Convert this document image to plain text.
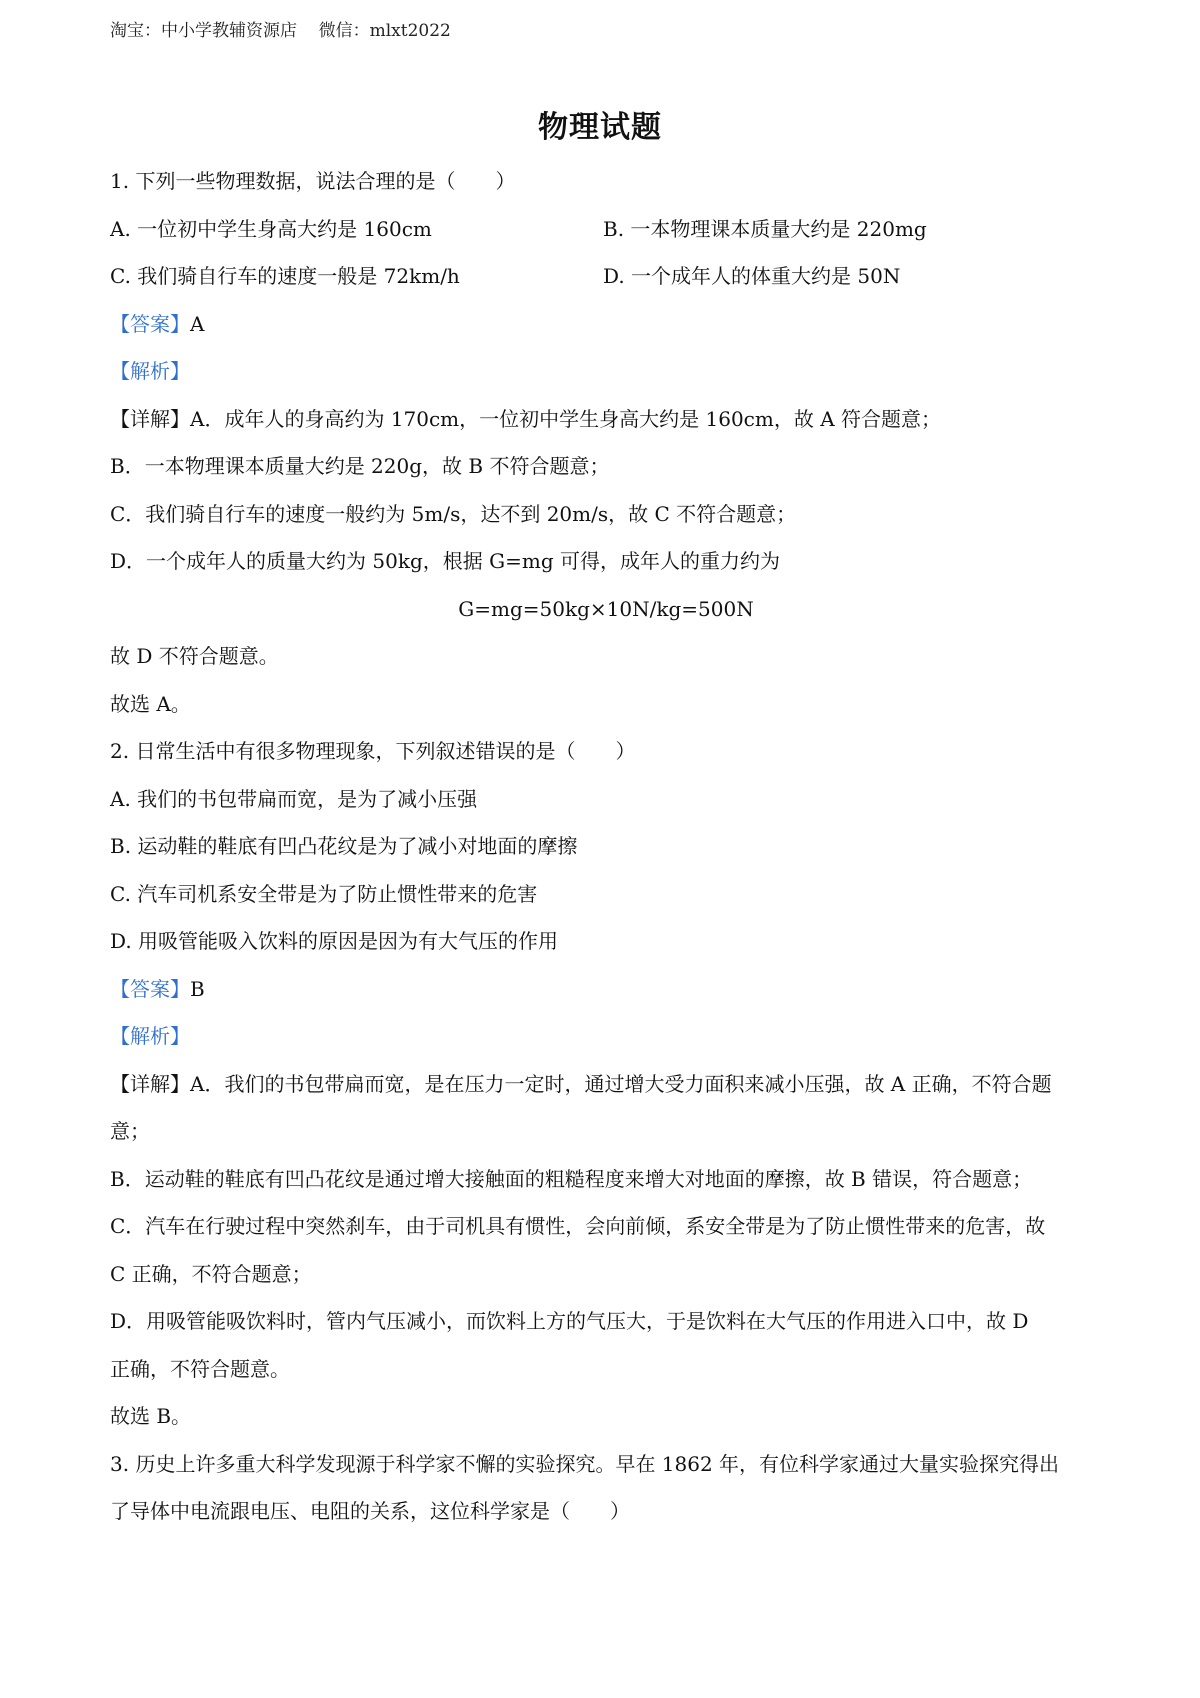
淘宝：中小学教辅资源店    微信：mlxt2022
物理试题
1. 下列一些物理数据，说法合理的是（　　）
A. 一位初中学生身高大约是 160cm	B. 一本物理课本质量大约是 220mg
C. 我们骑自行车的速度一般是 72km/h	D. 一个成年人的体重大约是 50N
【答案】A
【解析】
【详解】A．成年人的身高约为 170cm，一位初中学生身高大约是 160cm，故 A 符合题意；
B．一本物理课本质量大约是 220g，故 B 不符合题意；
C．我们骑自行车的速度一般约为 5m/s，达不到 20m/s，故 C 不符合题意；
D．一个成年人的质量大约为 50kg，根据 G=mg 可得，成年人的重力约为
G=mg=50kg×10N/kg=500N
故 D 不符合题意。
故选 A。
2. 日常生活中有很多物理现象，下列叙述错误的是（　　）
A. 我们的书包带扁而宽，是为了减小压强
B. 运动鞋的鞋底有凹凸花纹是为了减小对地面的摩擦
C. 汽车司机系安全带是为了防止惯性带来的危害
D. 用吸管能吸入饮料的原因是因为有大气压的作用
【答案】B
【解析】
【详解】A．我们的书包带扁而宽，是在压力一定时，通过增大受力面积来减小压强，故 A 正确，不符合题
意；
B．运动鞋的鞋底有凹凸花纹是通过增大接触面的粗糙程度来增大对地面的摩擦，故 B 错误，符合题意；
C．汽车在行驶过程中突然刹车，由于司机具有惯性，会向前倾，系安全带是为了防止惯性带来的危害，故
C 正确，不符合题意；
D．用吸管能吸饮料时，管内气压减小，而饮料上方的气压大，于是饮料在大气压的作用进入口中，故 D
正确，不符合题意。
故选 B。
3. 历史上许多重大科学发现源于科学家不懈的实验探究。早在 1862 年，有位科学家通过大量实验探究得出
了导体中电流跟电压、电阻的关系，这位科学家是（　　）
